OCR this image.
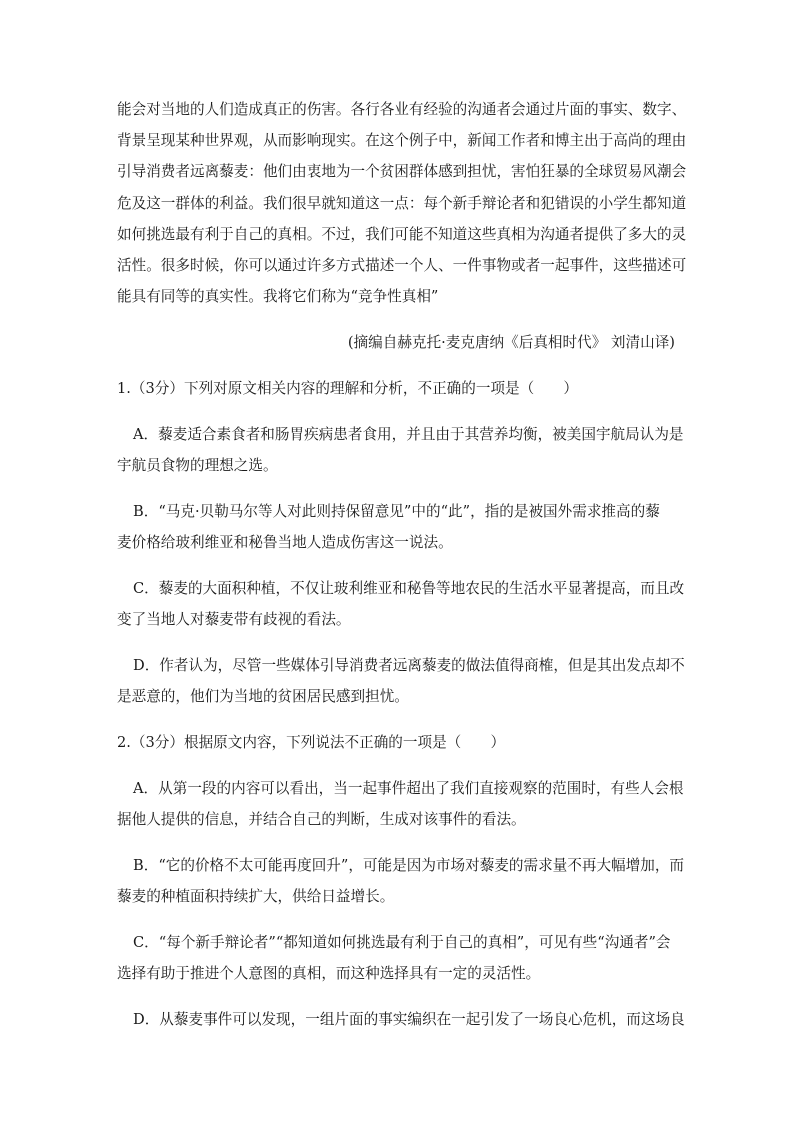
能会对当地的人们造成真正的伤害。各行各业有经验的沟通者会通过片面的事实、数字、
背景呈现某种世界观，从而影响现实。在这个例子中，新闻工作者和博主出于高尚的理由
引导消费者远离藜麦：他们由衷地为一个贫困群体感到担忧，害怕狂暴的全球贸易风潮会
危及这一群体的利益。我们很早就知道这一点：每个新手辩论者和犯错误的小学生都知道
如何挑选最有利于自己的真相。不过，我们可能不知道这些真相为沟通者提供了多大的灵
活性。很多时候，你可以通过许多方式描述一个人、一件事物或者一起事件，这些描述可
能具有同等的真实性。我将它们称为“竞争性真相”
(摘编自赫克托·麦克唐纳《后真相时代》 刘清山译)
1.（3分）下列对原文相关内容的理解和分析，不正确的一项是（　　）
A．藜麦适合素食者和肠胃疾病患者食用，并且由于其营养均衡，被美国宇航局认为是
宇航员食物的理想之选。
B．“马克·贝勒马尔等人对此则持保留意见”中的“此”，指的是被国外需求推高的藜
麦价格给玻利维亚和秘鲁当地人造成伤害这一说法。
C．藜麦的大面积种植，不仅让玻利维亚和秘鲁等地农民的生活水平显著提高，而且改
变了当地人对藜麦带有歧视的看法。
D．作者认为，尽管一些媒体引导消费者远离藜麦的做法值得商榷，但是其出发点却不
是恶意的，他们为当地的贫困居民感到担忧。
2.（3分）根据原文内容，下列说法不正确的一项是（　　）
A．从第一段的内容可以看出，当一起事件超出了我们直接观察的范围时，有些人会根
据他人提供的信息，并结合自己的判断，生成对该事件的看法。
B．“它的价格不太可能再度回升”，可能是因为市场对藜麦的需求量不再大幅增加，而
藜麦的种植面积持续扩大，供给日益增长。
C．“每个新手辩论者”“都知道如何挑选最有利于自己的真相”，可见有些“沟通者”会
选择有助于推进个人意图的真相，而这种选择具有一定的灵活性。
D．从藜麦事件可以发现，一组片面的事实编织在一起引发了一场良心危机，而这场良
